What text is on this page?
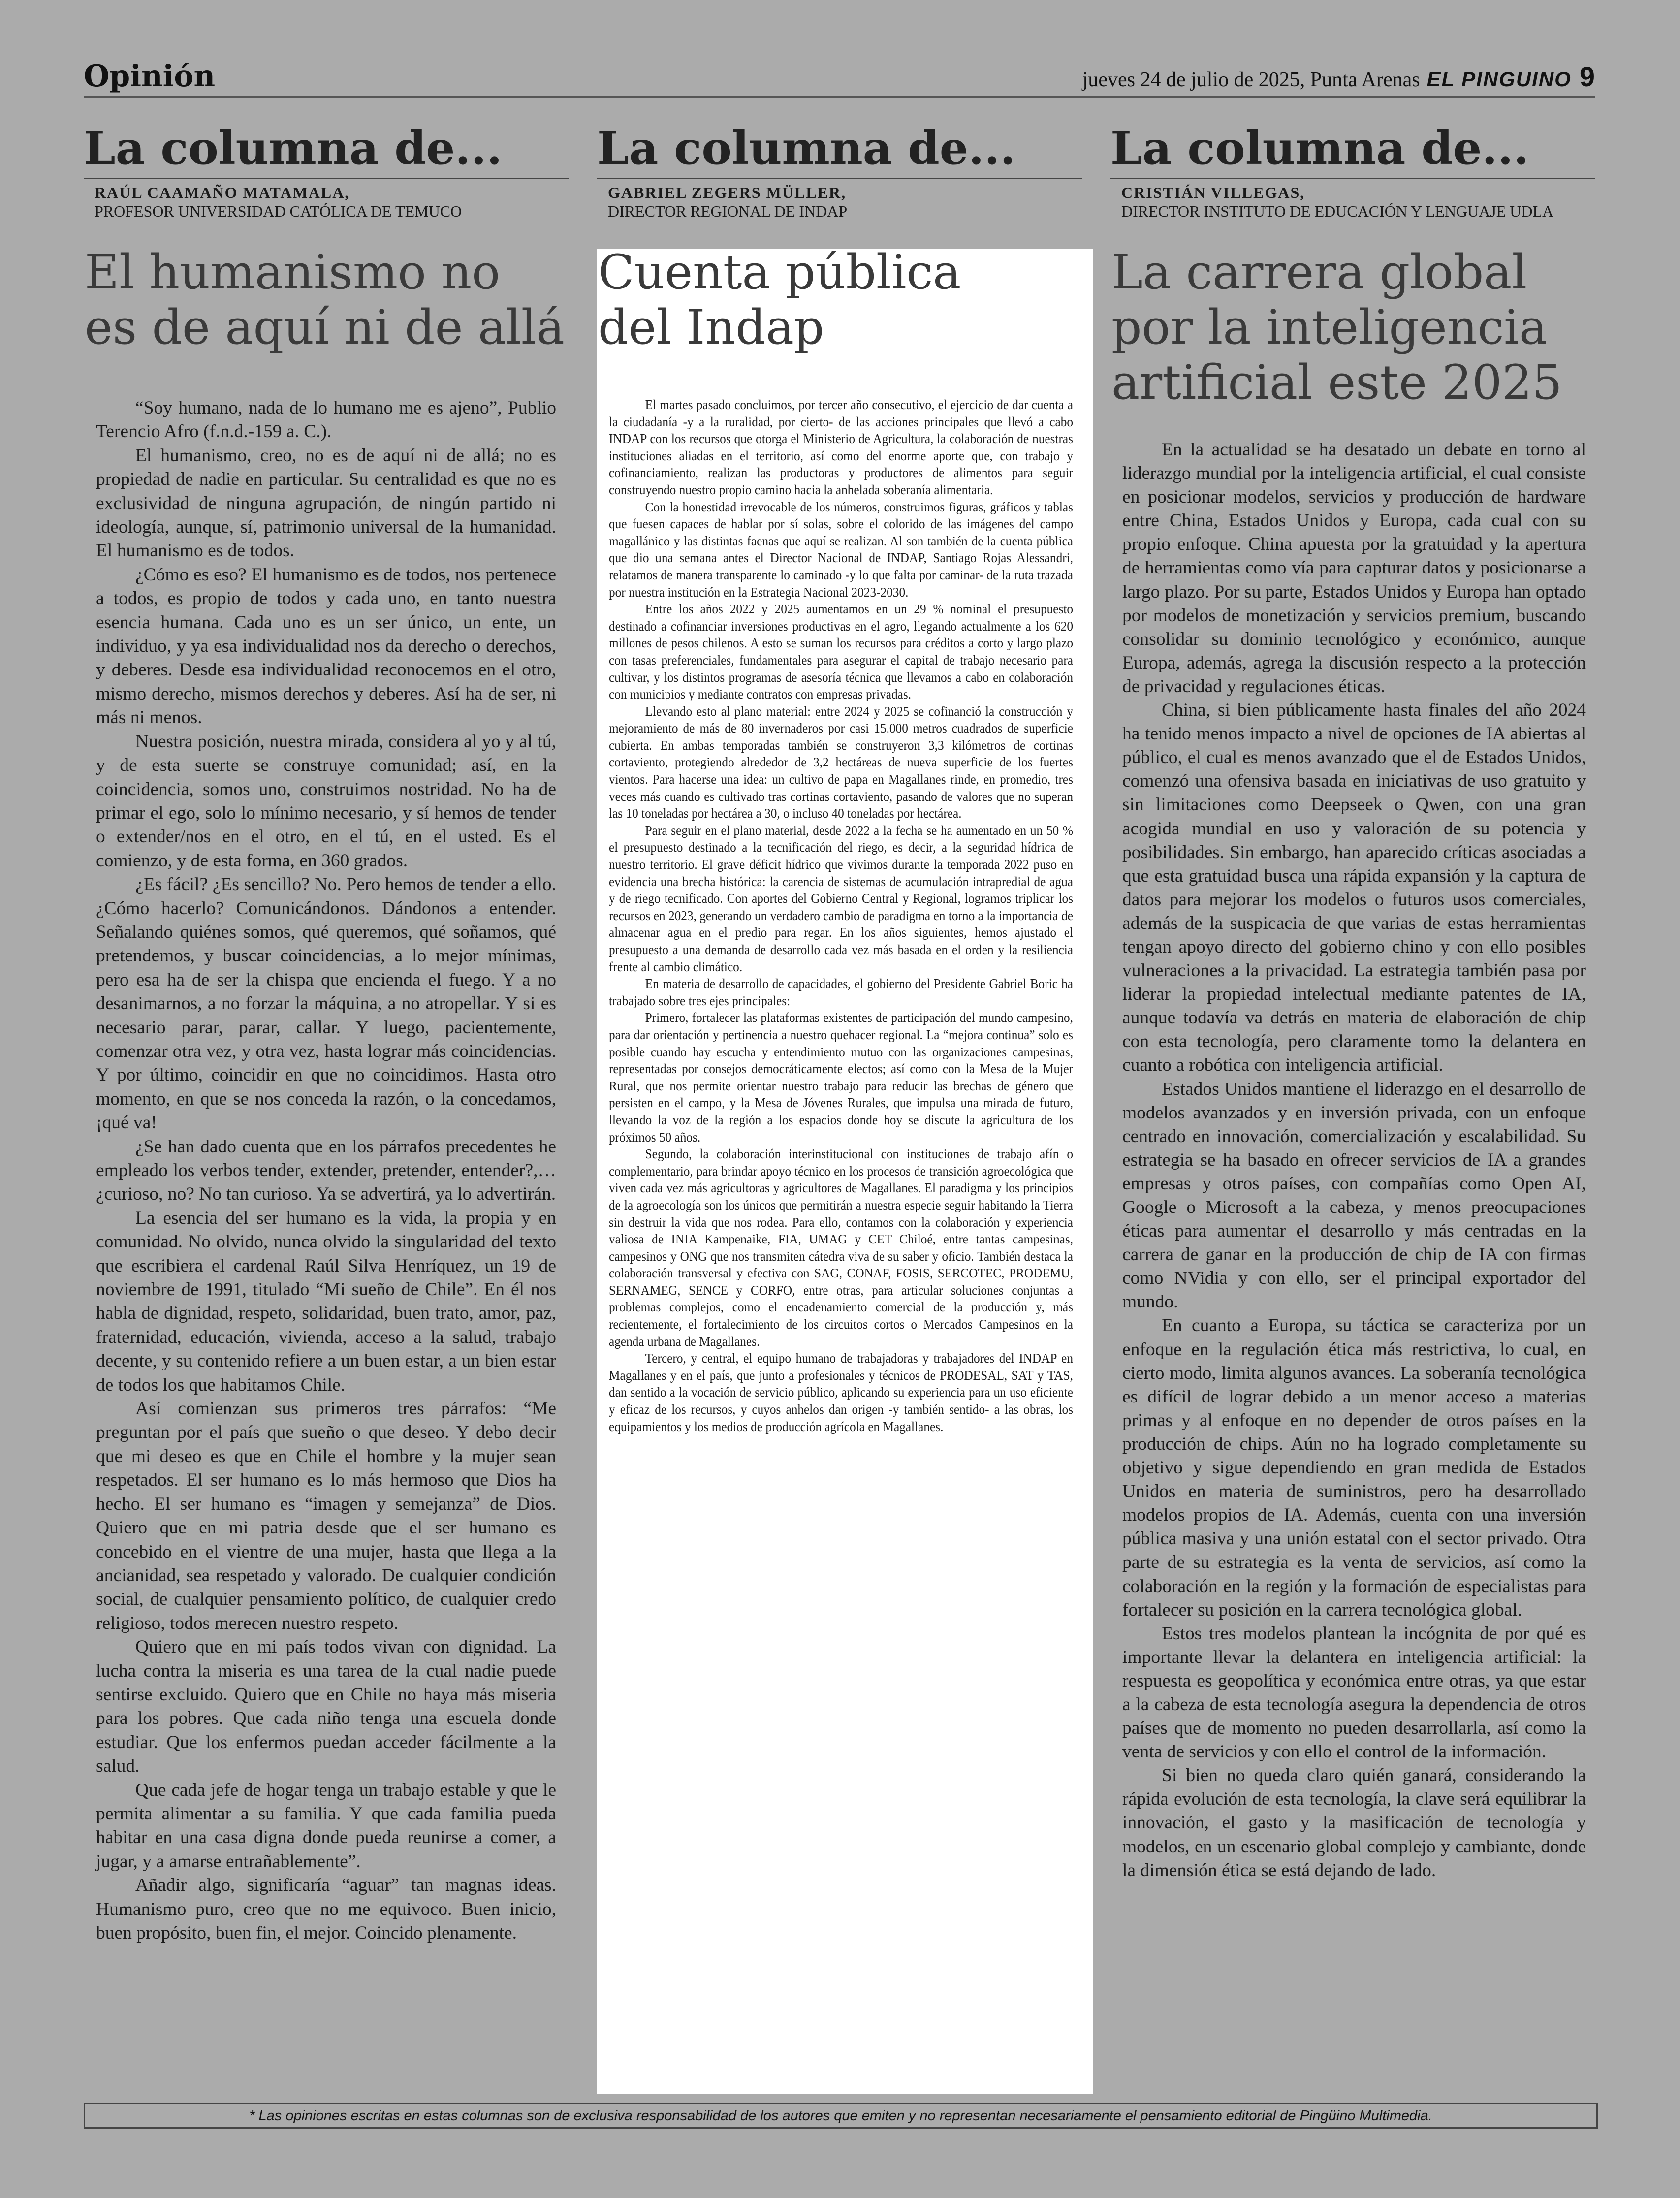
Opinión	jueves 24 de julio de 2025, Punta Arenas EL PINGUINO 9
La columna de...
RAÚL CAAMAÑO MATAMALA,
PROFESOR UNIVERSIDAD CATÓLICA DE TEMUCO
El humanismo no
es de aquí ni de allá

“Soy humano, nada de lo humano me es ajeno”, Publio Terencio Afro (f.n.d.-159 a. C.).

El humanismo, creo, no es de aquí ni de allá; no es propiedad de nadie en particular. Su centralidad es que no es exclusividad de ninguna agrupación, de ningún partido ni ideología, aunque, sí, patrimonio universal de la humanidad. El humanismo es de todos.

¿Cómo es eso? El humanismo es de todos, nos pertenece a todos, es propio de todos y cada uno, en tanto nuestra esencia humana. Cada uno es un ser único, un ente, un individuo, y ya esa individualidad nos da derecho o derechos, y deberes. Desde esa individualidad reconocemos en el otro, mismo derecho, mismos derechos y deberes. Así ha de ser, ni más ni menos.

Nuestra posición, nuestra mirada, considera al yo y al tú, y de esta suerte se construye comunidad; así, en la coincidencia, somos uno, construimos nostridad. No ha de primar el ego, solo lo mínimo necesario, y sí hemos de tender o extender/nos en el otro, en el tú, en el usted. Es el comienzo, y de esta forma, en 360 grados.

¿Es fácil? ¿Es sencillo? No. Pero hemos de tender a ello. ¿Cómo hacerlo? Comunicándonos. Dándonos a entender. Señalando quiénes somos, qué queremos, qué soñamos, qué pretendemos, y buscar coincidencias, a lo mejor mínimas, pero esa ha de ser la chispa que encienda el fuego. Y a no desanimarnos, a no forzar la máquina, a no atropellar. Y si es necesario parar, parar, callar. Y luego, pacientemente, comenzar otra vez, y otra vez, hasta lograr más coincidencias. Y por último, coincidir en que no coincidimos. Hasta otro momento, en que se nos conceda la razón, o la concedamos, ¡qué va!

¿Se han dado cuenta que en los párrafos precedentes he empleado los verbos tender, extender, pretender, entender?,… ¿curioso, no? No tan curioso. Ya se advertirá, ya lo advertirán.

La esencia del ser humano es la vida, la propia y en comunidad. No olvido, nunca olvido la singularidad del texto que escribiera el cardenal Raúl Silva Henríquez, un 19 de noviembre de 1991, titulado “Mi sueño de Chile”. En él nos habla de dignidad, respeto, solidaridad, buen trato, amor, paz, fraternidad, educación, vivienda, acceso a la salud, trabajo decente, y su contenido refiere a un buen estar, a un bien estar de todos los que habitamos Chile.

Así comienzan sus primeros tres párrafos: “Me preguntan por el país que sueño o que deseo. Y debo decir que mi deseo es que en Chile el hombre y la mujer sean respetados. El ser humano es lo más hermoso que Dios ha hecho. El ser humano es “imagen y semejanza” de Dios. Quiero que en mi patria desde que el ser humano es concebido en el vientre de una mujer, hasta que llega a la ancianidad, sea respetado y valorado. De cualquier condición social, de cualquier pensamiento político, de cualquier credo religioso, todos merecen nuestro respeto.

Quiero que en mi país todos vivan con dignidad. La lucha contra la miseria es una tarea de la cual nadie puede sentirse excluido. Quiero que en Chile no haya más miseria para los pobres. Que cada niño tenga una escuela donde estudiar. Que los enfermos puedan acceder fácilmente a la salud.

Que cada jefe de hogar tenga un trabajo estable y que le permita alimentar a su familia. Y que cada familia pueda habitar en una casa digna donde pueda reunirse a comer, a jugar, y a amarse entrañablemente”.

Añadir algo, significaría “aguar” tan magnas ideas. Humanismo puro, creo que no me equivoco. Buen inicio, buen propósito, buen fin, el mejor. Coincido plenamente.

La columna de...
GABRIEL ZEGERS MÜLLER,
DIRECTOR REGIONAL DE INDAP
Cuenta pública
del Indap

El martes pasado concluimos, por tercer año consecutivo, el ejercicio de dar cuenta a la ciudadanía -y a la ruralidad, por cierto- de las acciones principales que llevó a cabo INDAP con los recursos que otorga el Ministerio de Agricultura, la colaboración de nuestras instituciones aliadas en el territorio, así como del enorme aporte que, con trabajo y cofinanciamiento, realizan las productoras y productores de alimentos para seguir construyendo nuestro propio camino hacia la anhelada soberanía alimentaria.

Con la honestidad irrevocable de los números, construimos figuras, gráficos y tablas que fuesen capaces de hablar por sí solas, sobre el colorido de las imágenes del campo magallánico y las distintas faenas que aquí se realizan. Al son también de la cuenta pública que dio una semana antes el Director Nacional de INDAP, Santiago Rojas Alessandri, relatamos de manera transparente lo caminado -y lo que falta por caminar- de la ruta trazada por nuestra institución en la Estrategia Nacional 2023-2030.

Entre los años 2022 y 2025 aumentamos en un 29 % nominal el presupuesto destinado a cofinanciar inversiones productivas en el agro, llegando actualmente a los 620 millones de pesos chilenos. A esto se suman los recursos para créditos a corto y largo plazo con tasas preferenciales, fundamentales para asegurar el capital de trabajo necesario para cultivar, y los distintos programas de asesoría técnica que llevamos a cabo en colaboración con municipios y mediante contratos con empresas privadas.

Llevando esto al plano material: entre 2024 y 2025 se cofinanció la construcción y mejoramiento de más de 80 invernaderos por casi 15.000 metros cuadrados de superficie cubierta. En ambas temporadas también se construyeron 3,3 kilómetros de cortinas cortaviento, protegiendo alrededor de 3,2 hectáreas de nueva superficie de los fuertes vientos. Para hacerse una idea: un cultivo de papa en Magallanes rinde, en promedio, tres veces más cuando es cultivado tras cortinas cortaviento, pasando de valores que no superan las 10 toneladas por hectárea a 30, o incluso 40 toneladas por hectárea.

Para seguir en el plano material, desde 2022 a la fecha se ha aumentado en un 50 % el presupuesto destinado a la tecnificación del riego, es decir, a la seguridad hídrica de nuestro territorio. El grave déficit hídrico que vivimos durante la temporada 2022 puso en evidencia una brecha histórica: la carencia de sistemas de acumulación intrapredial de agua y de riego tecnificado. Con aportes del Gobierno Central y Regional, logramos triplicar los recursos en 2023, generando un verdadero cambio de paradigma en torno a la importancia de almacenar agua en el predio para regar. En los años siguientes, hemos ajustado el presupuesto a una demanda de desarrollo cada vez más basada en el orden y la resiliencia frente al cambio climático.

En materia de desarrollo de capacidades, el gobierno del Presidente Gabriel Boric ha trabajado sobre tres ejes principales:

Primero, fortalecer las plataformas existentes de participación del mundo campesino, para dar orientación y pertinencia a nuestro quehacer regional. La “mejora continua” solo es posible cuando hay escucha y entendimiento mutuo con las organizaciones campesinas, representadas por consejos democráticamente electos; así como con la Mesa de la Mujer Rural, que nos permite orientar nuestro trabajo para reducir las brechas de género que persisten en el campo, y la Mesa de Jóvenes Rurales, que impulsa una mirada de futuro, llevando la voz de la región a los espacios donde hoy se discute la agricultura de los próximos 50 años.

Segundo, la colaboración interinstitucional con instituciones de trabajo afín o complementario, para brindar apoyo técnico en los procesos de transición agroecológica que viven cada vez más agricultoras y agricultores de Magallanes. El paradigma y los principios de la agroecología son los únicos que permitirán a nuestra especie seguir habitando la Tierra sin destruir la vida que nos rodea. Para ello, contamos con la colaboración y experiencia valiosa de INIA Kampenaike, FIA, UMAG y CET Chiloé, entre tantas campesinas, campesinos y ONG que nos transmiten cátedra viva de su saber y oficio. También destaca la colaboración transversal y efectiva con SAG, CONAF, FOSIS, SERCOTEC, PRODEMU, SERNAMEG, SENCE y CORFO, entre otras, para articular soluciones conjuntas a problemas complejos, como el encadenamiento comercial de la producción y, más recientemente, el fortalecimiento de los circuitos cortos o Mercados Campesinos en la agenda urbana de Magallanes.

Tercero, y central, el equipo humano de trabajadoras y trabajadores del INDAP en Magallanes y en el país, que junto a profesionales y técnicos de PRODESAL, SAT y TAS, dan sentido a la vocación de servicio público, aplicando su experiencia para un uso eficiente y eficaz de los recursos, y cuyos anhelos dan origen -y también sentido- a las obras, los equipamientos y los medios de producción agrícola en Magallanes.

La columna de...
CRISTIÁN VILLEGAS,
DIRECTOR INSTITUTO DE EDUCACIÓN Y LENGUAJE UDLA
La carrera global
por la inteligencia
artificial este 2025

En la actualidad se ha desatado un debate en torno al liderazgo mundial por la inteligencia artificial, el cual consiste en posicionar modelos, servicios y producción de hardware entre China, Estados Unidos y Europa, cada cual con su propio enfoque. China apuesta por la gratuidad y la apertura de herramientas como vía para capturar datos y posicionarse a largo plazo. Por su parte, Estados Unidos y Europa han optado por modelos de monetización y servicios premium, buscando consolidar su dominio tecnológico y económico, aunque Europa, además, agrega la discusión respecto a la protección de privacidad y regulaciones éticas.

China, si bien públicamente hasta finales del año 2024 ha tenido menos impacto a nivel de opciones de IA abiertas al público, el cual es menos avanzado que el de Estados Unidos, comenzó una ofensiva basada en iniciativas de uso gratuito y sin limitaciones como Deepseek o Qwen, con una gran acogida mundial en uso y valoración de su potencia y posibilidades. Sin embargo, han aparecido críticas asociadas a que esta gratuidad busca una rápida expansión y la captura de datos para mejorar los modelos o futuros usos comerciales, además de la suspicacia de que varias de estas herramientas tengan apoyo directo del gobierno chino y con ello posibles vulneraciones a la privacidad. La estrategia también pasa por liderar la propiedad intelectual mediante patentes de IA, aunque todavía va detrás en materia de elaboración de chip con esta tecnología, pero claramente tomo la delantera en cuanto a robótica con inteligencia artificial.

Estados Unidos mantiene el liderazgo en el desarrollo de modelos avanzados y en inversión privada, con un enfoque centrado en innovación, comercialización y escalabilidad. Su estrategia se ha basado en ofrecer servicios de IA a grandes empresas y otros países, con compañías como Open AI, Google o Microsoft a la cabeza, y menos preocupaciones éticas para aumentar el desarrollo y más centradas en la carrera de ganar en la producción de chip de IA con firmas como NVidia y con ello, ser el principal exportador del mundo.

En cuanto a Europa, su táctica se caracteriza por un enfoque en la regulación ética más restrictiva, lo cual, en cierto modo, limita algunos avances. La soberanía tecnológica es difícil de lograr debido a un menor acceso a materias primas y al enfoque en no depender de otros países en la producción de chips. Aún no ha logrado completamente su objetivo y sigue dependiendo en gran medida de Estados Unidos en materia de suministros, pero ha desarrollado modelos propios de IA. Además, cuenta con una inversión pública masiva y una unión estatal con el sector privado. Otra parte de su estrategia es la venta de servicios, así como la colaboración en la región y la formación de especialistas para fortalecer su posición en la carrera tecnológica global.

Estos tres modelos plantean la incógnita de por qué es importante llevar la delantera en inteligencia artificial: la respuesta es geopolítica y económica entre otras, ya que estar a la cabeza de esta tecnología asegura la dependencia de otros países que de momento no pueden desarrollarla, así como la venta de servicios y con ello el control de la información.

Si bien no queda claro quién ganará, considerando la rápida evolución de esta tecnología, la clave será equilibrar la innovación, el gasto y la masificación de tecnología y modelos, en un escenario global complejo y cambiante, donde la dimensión ética se está dejando de lado.

* Las opiniones escritas en estas columnas son de exclusiva responsabilidad de los autores que emiten y no representan necesariamente el pensamiento editorial de Pingüino Multimedia.
